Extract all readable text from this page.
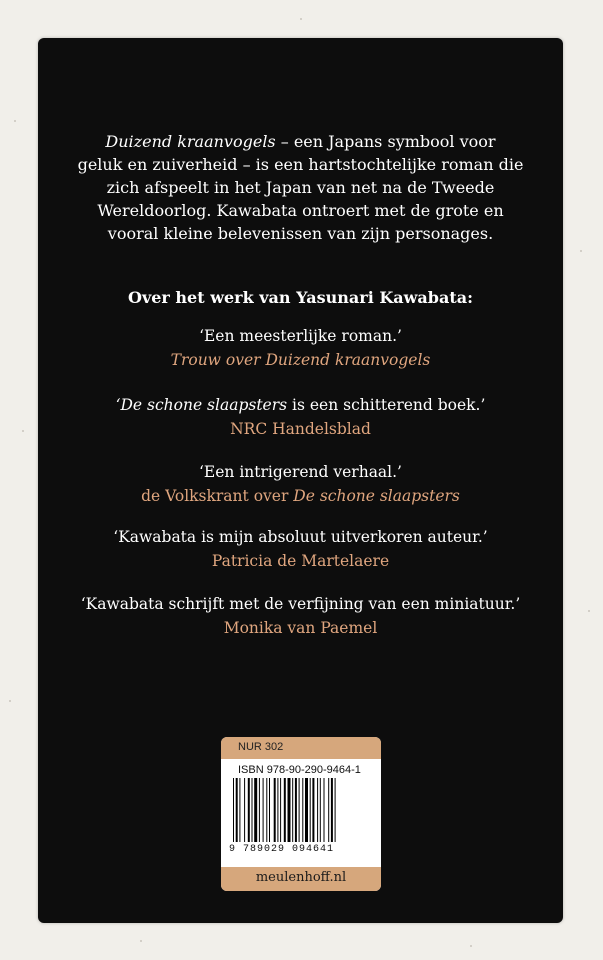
Duizend kraanvogels – een Japans symbool voor

geluk en zuiverheid – is een hartstochtelijke roman die

zich afspeelt in het Japan van net na de Tweede

Wereldoorlog. Kawabata ontroert met de grote en

vooral kleine belevenissen van zijn personages.

Over het werk van Yasunari Kawabata:
‘Een meesterlijke roman.’
Trouw over Duizend kraanvogels
‘De schone slaapsters is een schitterend boek.’
NRC Handelsblad
‘Een intrigerend verhaal.’
de Volkskrant over De schone slaapsters
‘Kawabata is mijn absoluut uitverkoren auteur.’
Patricia de Martelaere
‘Kawabata schrijft met de verfijning van een miniatuur.’
Monika van Paemel
NUR 302
ISBN 978-90-290-9464-1
9 789029 094641
meulenhoff.nl
